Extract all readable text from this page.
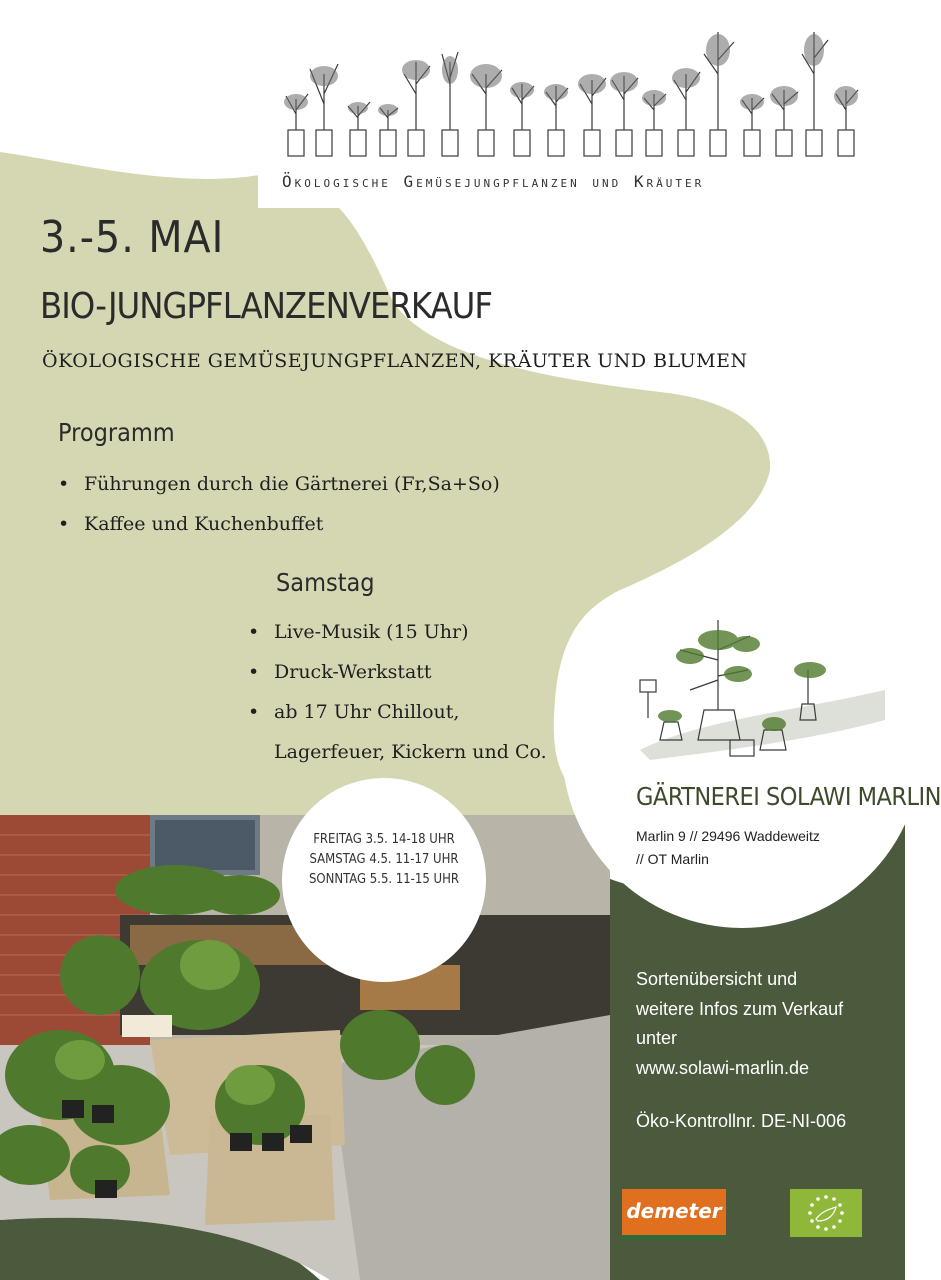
Ökologische Gemüsejungpflanzen und Kräuter
3.-5. MAI
BIO-JUNGPFLANZENVERKAUF
ÖKOLOGISCHE GEMÜSEJUNGPFLANZEN, KRÄUTER UND BLUMEN
Programm
• Führungen durch die Gärtnerei (Fr,Sa+So)
• Kaffee und Kuchenbuffet
Samstag
• Live-Musik (15 Uhr)
• Druck-Werkstatt
• ab 17 Uhr Chillout,
Lagerfeuer, Kickern und Co.
FREITAG 3.5. 14-18 UHR
SAMSTAG 4.5. 11-17 UHR
SONNTAG 5.5. 11-15 UHR
GÄRTNEREI SOLAWI MARLIN
Marlin 9 // 29496 Waddeweitz
// OT Marlin
Sortenübersicht und
weitere Infos zum Verkauf
unter
www.solawi-marlin.de
Öko-Kontrollnr. DE-NI-006
demeter
